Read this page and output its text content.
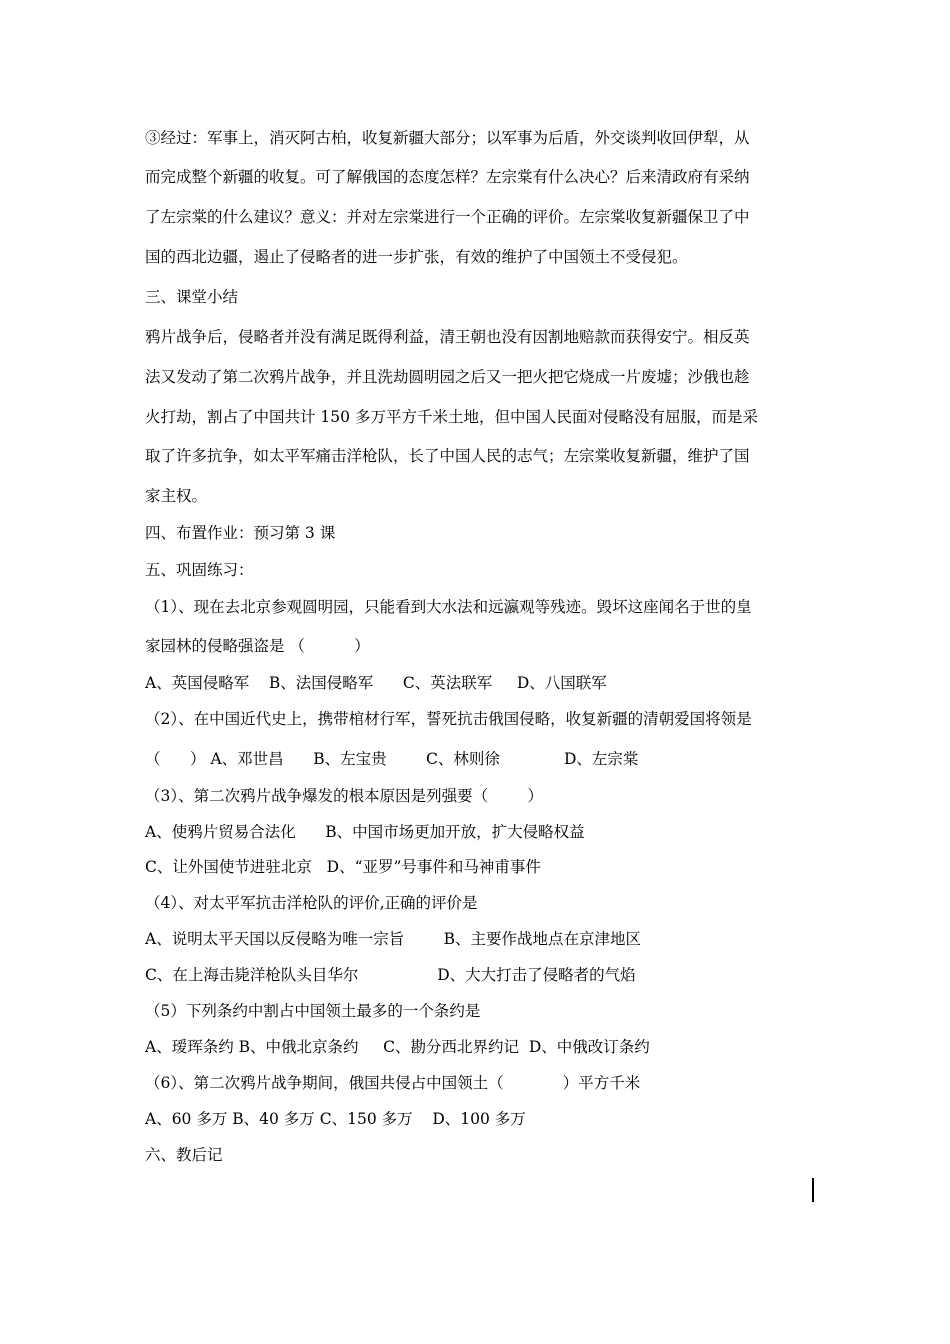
③经过：军事上，消灭阿古柏，收复新疆大部分；以军事为后盾，外交谈判收回伊犁，从
而完成整个新疆的收复。可了解俄国的态度怎样？左宗棠有什么决心？后来清政府有采纳
了左宗棠的什么建议？意义：并对左宗棠进行一个正确的评价。左宗棠收复新疆保卫了中
国的西北边疆，遏止了侵略者的进一步扩张，有效的维护了中国领土不受侵犯。
三、课堂小结
鸦片战争后，侵略者并没有满足既得利益，清王朝也没有因割地赔款而获得安宁。相反英
法又发动了第二次鸦片战争，并且洗劫圆明园之后又一把火把它烧成一片废墟；沙俄也趁
火打劫，割占了中国共计 150 多万平方千米土地，但中国人民面对侵略没有屈服，而是采
取了许多抗争，如太平军痛击洋枪队，长了中国人民的志气；左宗棠收复新疆，维护了国
家主权。
四、布置作业：预习第 3 课
五、巩固练习：
（1）、现在去北京参观圆明园，只能看到大水法和远瀛观等残迹。毁坏这座闻名于世的皇
家园林的侵略强盗是 （          ）
A、英国侵略军    B、法国侵略军      C、英法联军     D、八国联军
（2）、在中国近代史上，携带棺材行军，誓死抗击俄国侵略，收复新疆的清朝爱国将领是
（      ） A、邓世昌      B、左宝贵        C、林则徐             D、左宗棠
（3）、第二次鸦片战争爆发的根本原因是列强要（        ）
A、使鸦片贸易合法化      B、中国市场更加开放，扩大侵略权益
C、让外国使节进驻北京   D、“亚罗”号事件和马神甫事件
（4）、对太平军抗击洋枪队的评价,正确的评价是
A、说明太平天国以反侵略为唯一宗旨        B、主要作战地点在京津地区
C、在上海击毙洋枪队头目华尔                D、大大打击了侵略者的气焰
（5）下列条约中割占中国领土最多的一个条约是
A、瑷珲条约 B、中俄北京条约     C、勘分西北界约记  D、中俄改订条约
（6）、第二次鸦片战争期间，俄国共侵占中国领土（            ）平方千米
A、60 多万 B、40 多万 C、150 多万    D、100 多万
六、教后记
